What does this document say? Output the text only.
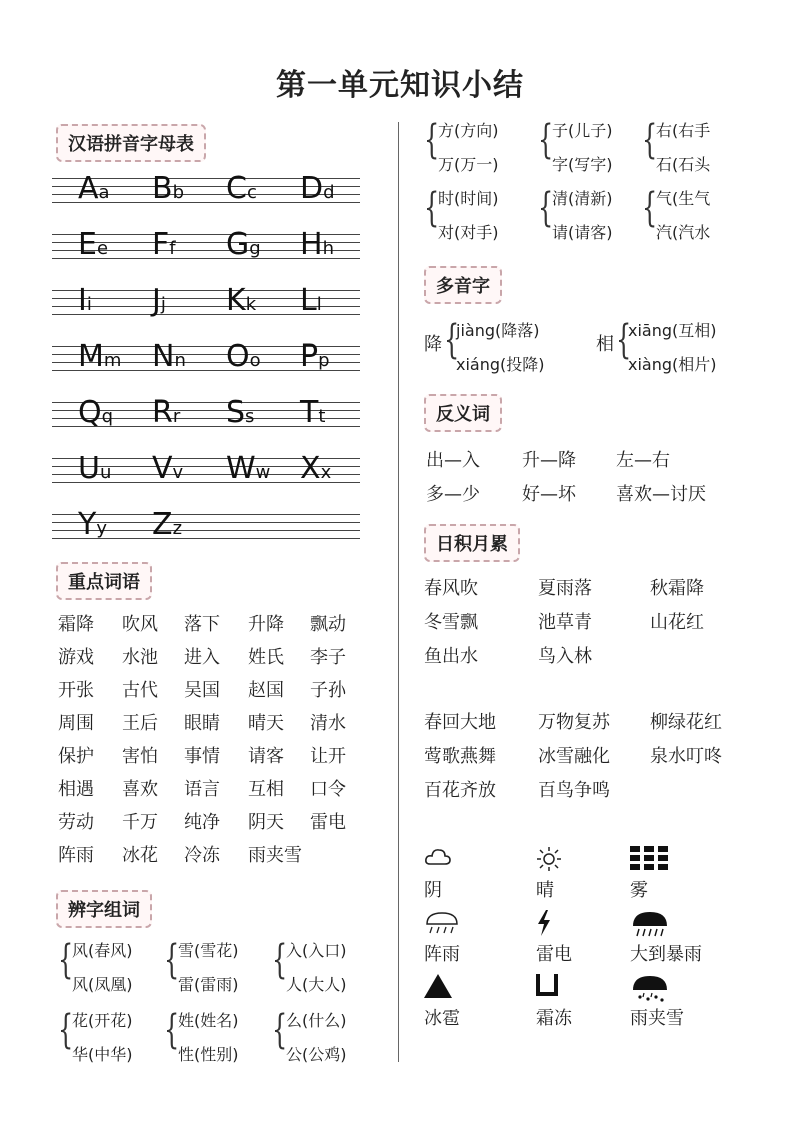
第一单元知识小结
汉语拼音字母表
Aa Bb Cc Dd
Ee Ff Gg Hh
Ii Jj Kk Ll
Mm Nn Oo Pp
Qq Rr Ss Tt
Uu Vv Ww Xx
Yy Zz
重点词语
霜降 吹风 落下 升降 飘动
游戏 水池 进入 姓氏 李子
开张 古代 吴国 赵国 子孙
周围 王后 眼睛 晴天 清水
保护 害怕 事情 请客 让开
相遇 喜欢 语言 互相 口令
劳动 千万 纯净 阴天 雷电
阵雨 冰花 冷冻 雨夹雪
辨字组词
{
风(春风)
风(凤凰)
{
雪(雪花)
雷(雷雨)
{
入(入口)
人(大人)
{
花(开花)
华(中华)
{
姓(姓名)
性(性别)
{
么(什么)
公(公鸡)
{
方(方向)
万(万一)
{
子(儿子)
字(写字)
{
右(右手
石(石头
{
时(时间)
对(对手)
{
清(清新)
请(请客)
{
气(生气
汽(汽水
多音字
降 {
jiàng(降落)
xiáng(投降)
相 {
xiāng(互相)
xiàng(相片)
反义词
出—入 升—降 左—右
多—少 好—坏 喜欢—讨厌
日积月累
春风吹	夏雨落	秋霜降
冬雪飘	池草青	山花红
鱼出水	鸟入林
春回大地 万物复苏 柳绿花红
莺歌燕舞 冰雪融化 泉水叮咚
百花齐放 百鸟争鸣
阴	晴	雾
阵雨	雷电	大到暴雨
冰雹	霜冻	雨夹雪
